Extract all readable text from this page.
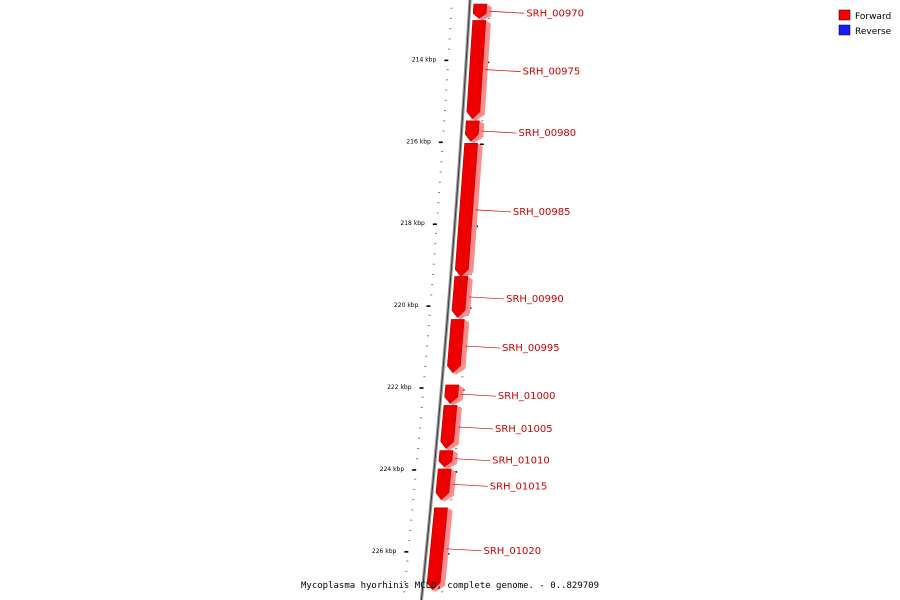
214 kbp
216 kbp
218 kbp
220 kbp
222 kbp
224 kbp
226 kbp
SRH_00970
SRH_00975
SRH_00980
SRH_00985
SRH_00990
SRH_00995
SRH_01000
SRH_01005
SRH_01010
SRH_01015
SRH_01020
Forward
Reverse
Mycoplasma hyorhinis MCLD, complete genome. - 0..829709
